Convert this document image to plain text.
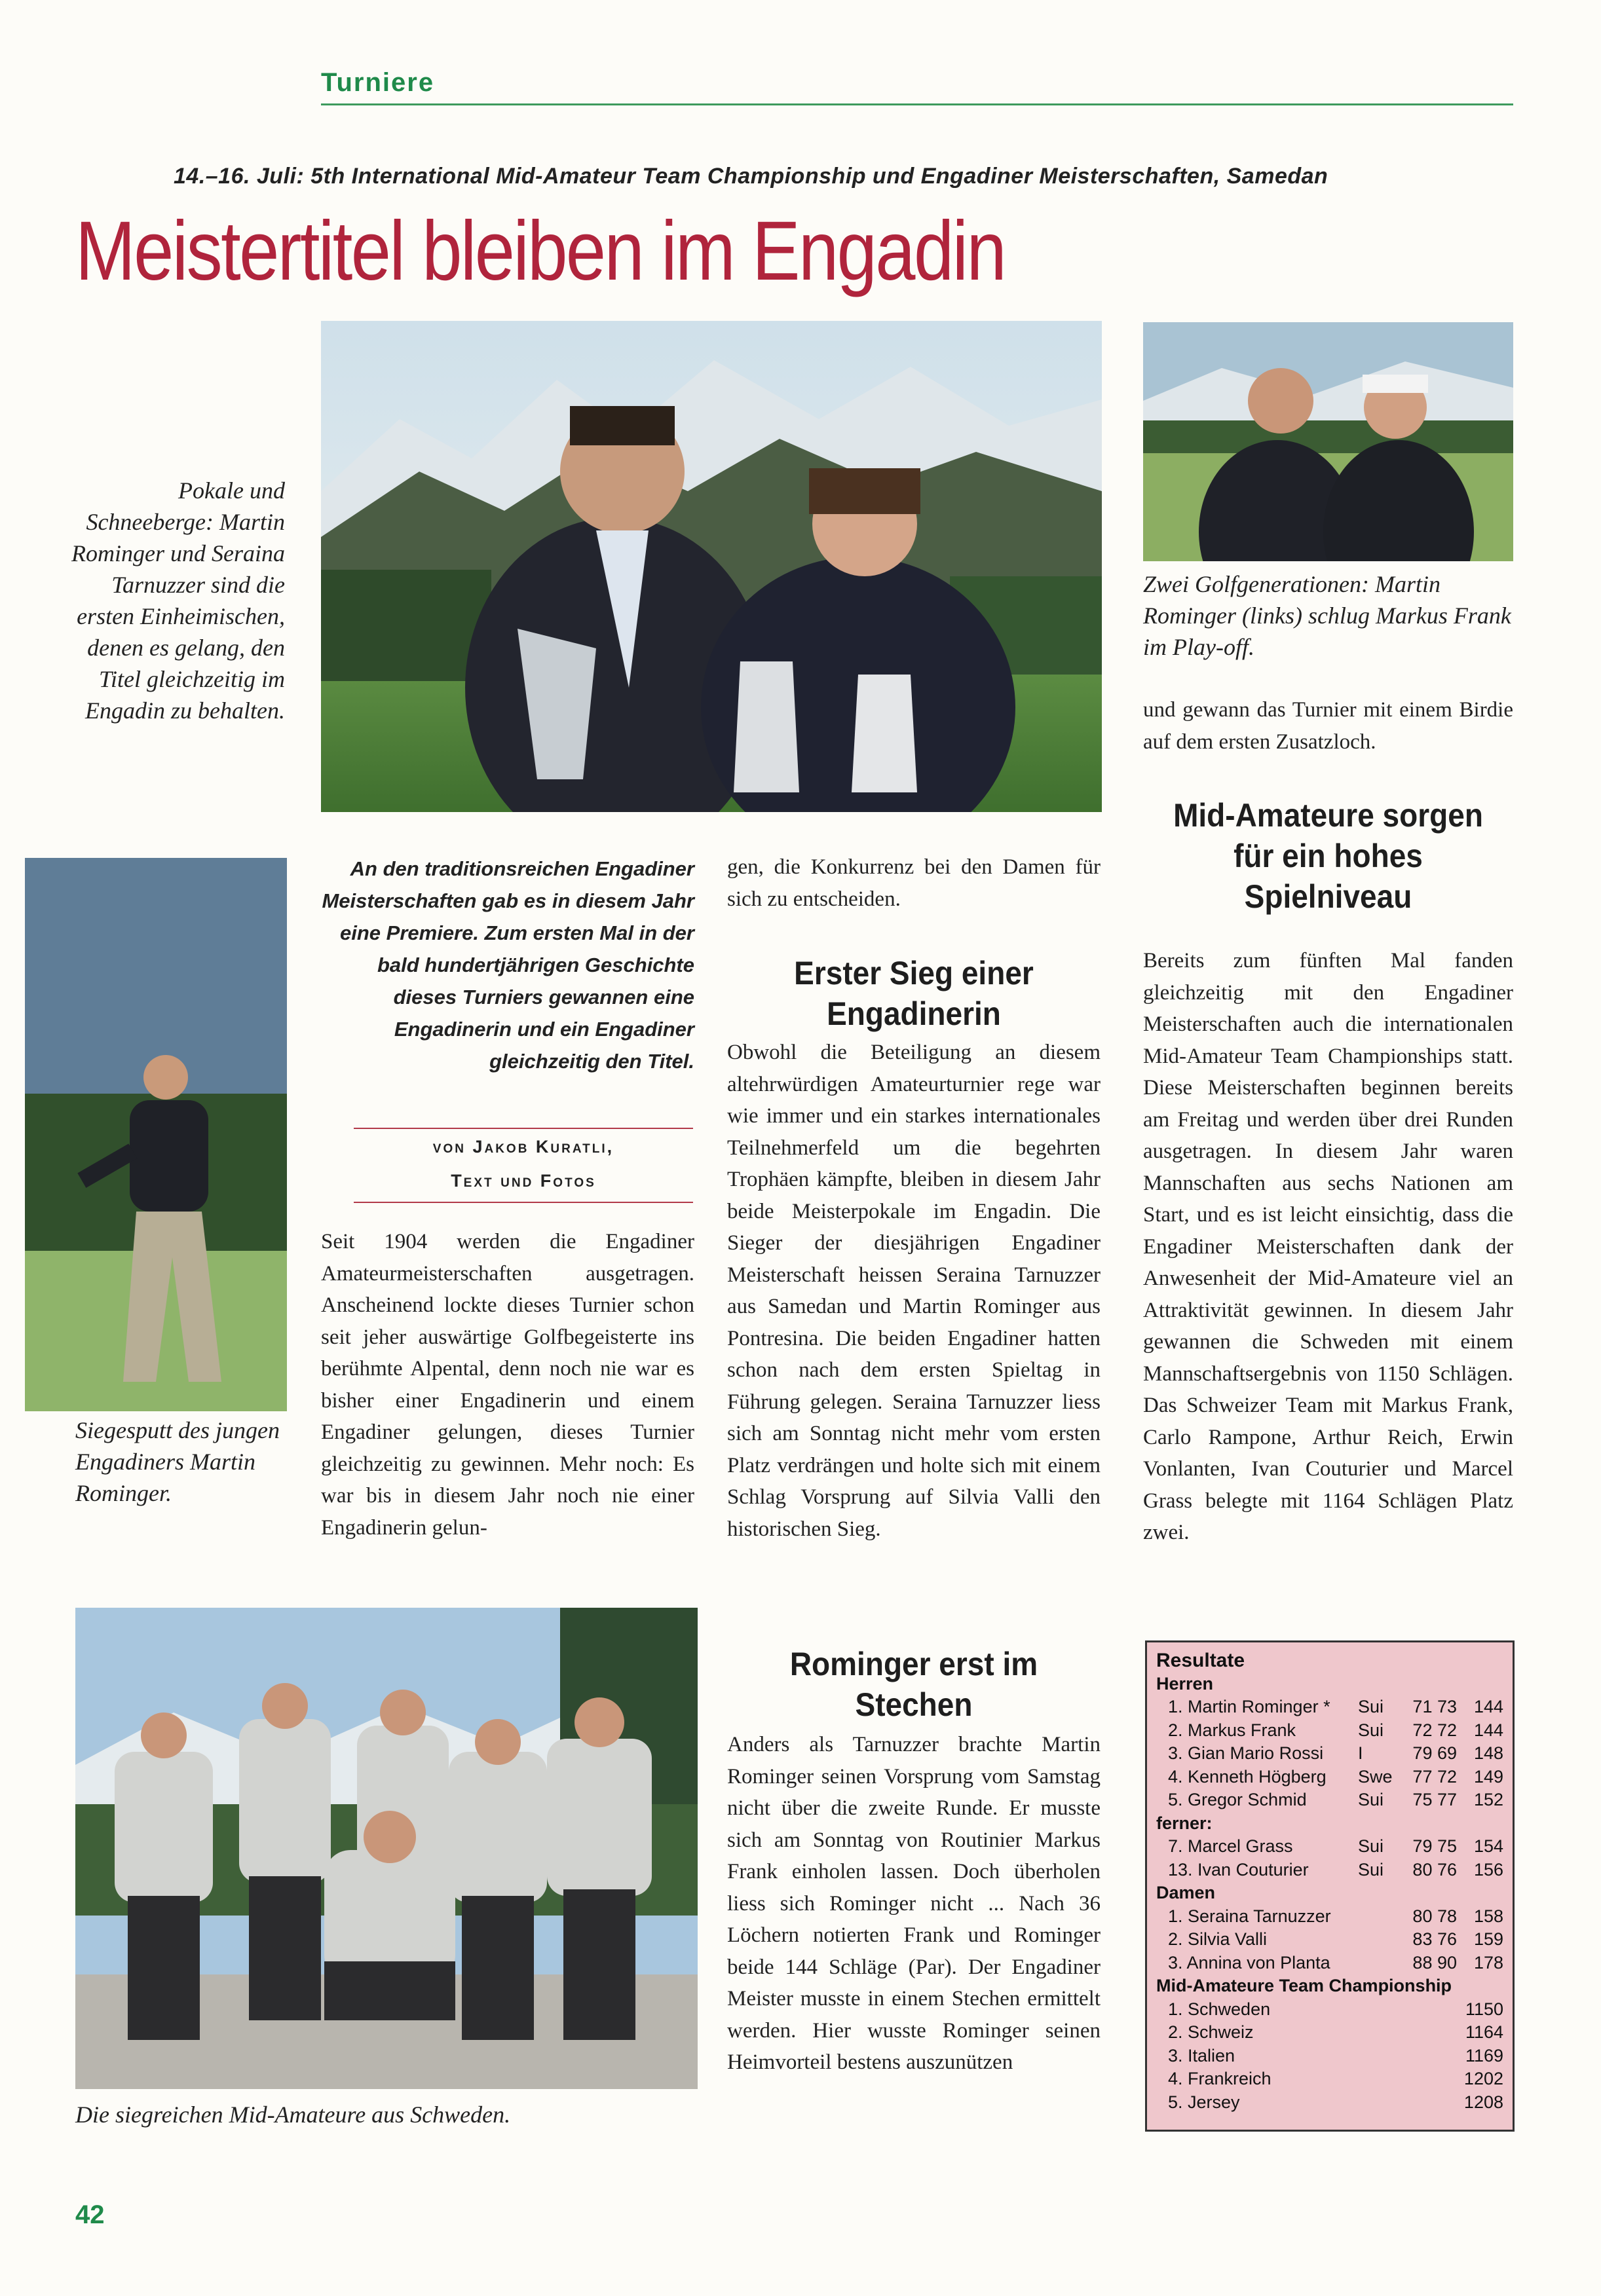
Turniere
14.–16. Juli: 5th International Mid-Amateur Team Championship und Engadiner Meisterschaften, Samedan
Meistertitel bleiben im Engadin
Pokale und Schneeberge: Martin Rominger und Seraina Tarnuzzer sind die ersten Einheimischen, denen es gelang, den Titel gleichzeitig im Engadin zu behalten.
Zwei Golfgenerationen: Martin Rominger (links) schlug Markus Frank im Play-off.
Siegesputt des jungen Engadiners Martin Rominger.
Die siegreichen Mid-Amateure aus Schweden.
An den traditionsreichen Engadiner Meisterschaften gab es in diesem Jahr eine Premiere. Zum ersten Mal in der bald hundertjährigen Geschichte dieses Turniers gewannen eine Engadinerin und ein Engadiner gleichzeitig den Titel.
von Jakob Kuratli,
Text und Fotos
Seit 1904 werden die Engadiner Amateurmeisterschaften ausgetragen. Anscheinend lockte dieses Turnier schon seit jeher auswärtige Golfbegeisterte ins berühmte Alpental, denn noch nie war es bisher einer Engadinerin und einem Engadiner gelungen, dieses Turnier gleichzeitig zu gewinnen. Mehr noch: Es war bis in diesem Jahr noch nie einer Engadinerin gelun-
gen, die Konkurrenz bei den Damen für sich zu entscheiden.
Erster Sieg einer Engadinerin
Obwohl die Beteiligung an diesem altehrwürdigen Amateurturnier rege war wie immer und ein starkes internationales Teilnehmerfeld um die begehrten Trophäen kämpfte, bleiben in diesem Jahr beide Meisterpokale im Engadin. Die Sieger der diesjährigen Engadiner Meisterschaft heissen Seraina Tarnuzzer aus Samedan und Martin Rominger aus Pontresina. Die beiden Engadiner hatten schon nach dem ersten Spieltag in Führung gelegen. Seraina Tarnuzzer liess sich am Sonntag nicht mehr vom ersten Platz verdrängen und holte sich mit einem Schlag Vorsprung auf Silvia Valli den historischen Sieg.
Rominger erst im Stechen
Anders als Tarnuzzer brachte Martin Rominger seinen Vorsprung vom Samstag nicht über die zweite Runde. Er musste sich am Sonntag von Routinier Markus Frank einholen lassen. Doch überholen liess sich Rominger nicht ... Nach 36 Löchern notierten Frank und Rominger beide 144 Schläge (Par). Der Engadiner Meister musste in einem Stechen ermittelt werden. Hier wusste Rominger seinen Heimvorteil bestens auszunützen
und gewann das Turnier mit einem Birdie auf dem ersten Zusatzloch.
Mid-Amateure sorgen für ein hohes Spielniveau
Bereits zum fünften Mal fanden gleichzeitig mit den Engadiner Meisterschaften auch die internationalen Mid-Amateur Team Championships statt. Diese Meisterschaften beginnen bereits am Freitag und werden über drei Runden ausgetragen. In diesem Jahr waren Mannschaften aus sechs Nationen am Start, und es ist leicht einsichtig, dass die Engadiner Meisterschaften dank der Anwesenheit der Mid-Amateure viel an Attraktivität gewinnen. In diesem Jahr gewannen die Schweden mit einem Mannschaftsergebnis von 1150 Schlägen. Das Schweizer Team mit Markus Frank, Carlo Rampone, Arthur Reich, Erwin Vonlanten, Ivan Couturier und Marcel Grass belegte mit 1164 Schlägen Platz zwei.
Resultate
Herren
1. Martin Rominger *	Sui	71 73 144
2. Markus Frank	Sui	72 72 144
3. Gian Mario Rossi	I	79 69 148
4. Kenneth Högberg	Swe	77 72 149
5. Gregor Schmid	Sui	75 77 152
ferner:
7. Marcel Grass	Sui	79 75 154
13. Ivan Couturier	Sui	80 76 156
Damen
1. Seraina Tarnuzzer	80 78 158
2. Silvia Valli	83 76 159
3. Annina von Planta	88 90 178
Mid-Amateure Team Championship
1. Schweden	1150
2. Schweiz	1164
3. Italien	1169
4. Frankreich	1202
5. Jersey	1208
42
